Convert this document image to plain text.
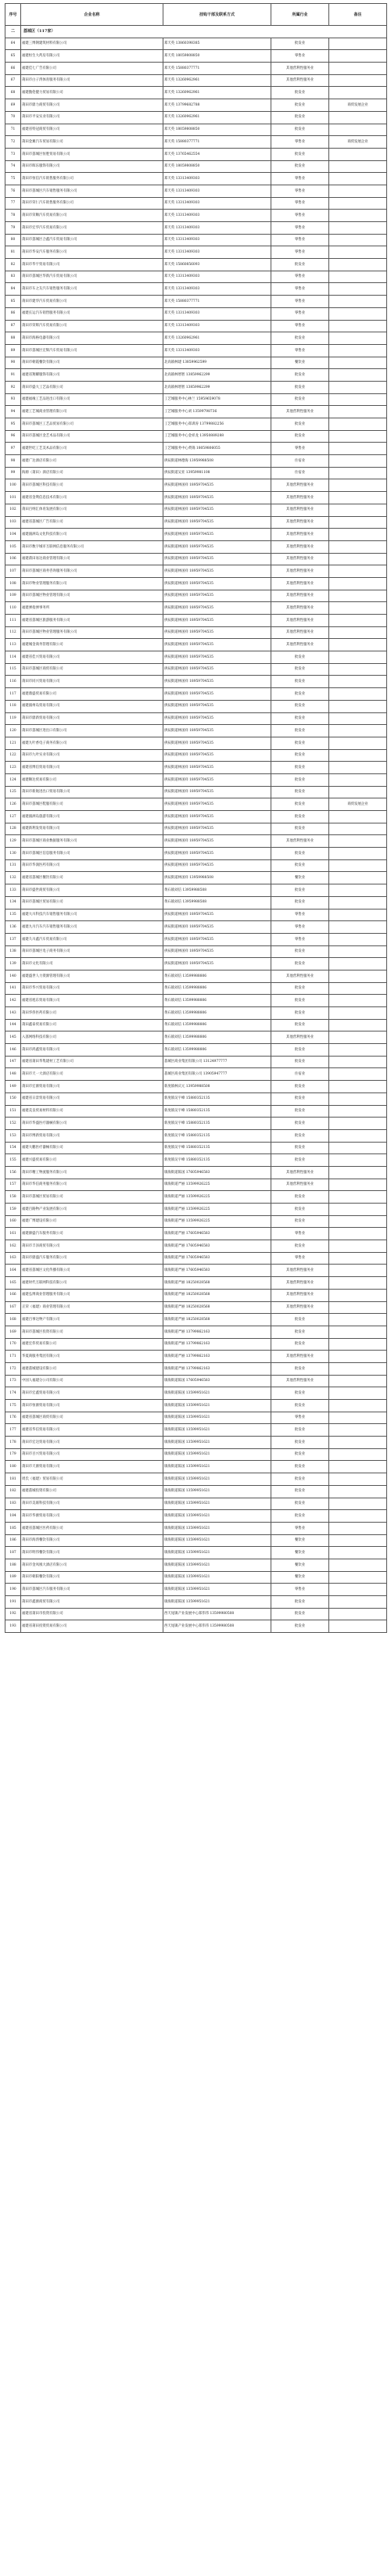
序号	企业名称	挂钩干部及联系方式	所属行业	备注
二	荔城区（117家）			
64	福建三博钢建筑材料有限公司	郑天英 13860398385	批发业	
65	福建恒生大药房有限公司	郑天英 18059808850	零售业	
66	福建佳七广告有限公司	郑天英 15880377771	其他营利性服务业	
67	莆田市白子湾体育服务有限公司	郑天英 13260962961	其他营利性服务业	
68	福建傲伦健力贸易有限公司	郑天英 13260962961	批发业	
69	莆田市鼎力商贸有限公司	郑天英 13799682788	批发业	商贸发展企业
70	莆田市平安实业有限公司	郑天英 13260962961	批发业	
71	福建省特冠商贸有限公司	郑天英 18059808850	批发业	
72	莆田金翼汽车贸易有限公司	郑天英 15880377771	零售业	商贸发展企业
73	莆田市荔城区恒胜贸易有限公司	郑天英 13765462554	批发业	
74	莆田市晖乐服饰有限公司	郑天英 18059808850	批发业	
75	莆田市恒信汽车销售服务有限公司	郑天英 13313409303	零售业	
76	莆田市荔城区汽车销售服务有限公司	郑天英 13313409303	零售业	
77	莆田市荣仁汽车销售服务有限公司	郑天英 13313409303	零售业	
78	莆田市荣顺汽车贸易有限公司	郑天英 13313409303	零售业	
79	莆田市宏华汽车贸易有限公司	郑天英 13313409303	零售业	
80	莆田市荔城区合鑫汽车贸易有限公司	郑天英 13313409303	零售业	
81	莆田市华安汽车服务有限公司	郑天英 13313409303	零售业	
82	莆田市华宇贸易有限公司	郑天英 15860856093	批发业	
83	莆田市荔城区华新汽车贸易有限公司	郑天英 13313409303	零售业	
84	莆田市车之友汽车销售服务有限公司	郑天英 13313409303	零售业	
85	莆田市建华汽车贸易有限公司	郑天英 15880377771	零售业	
86	福建长运汽车销售服务有限公司	郑天英 13313409303	零售业	
87	莆田市荣辉汽车贸易有限公司	郑天英 13313409303	零售业	
88	莆田市海格电器有限公司	郑天英 13260962961	批发业	
89	莆田市荔城区宏辉汽车贸易有限公司	郑天英 13313409303	零售业	
90	莆田市朝霞餐饮有限公司	北高镇林建 13859962599	餐饮业	
91	福建省翔耀服饰有限公司	北高镇林增智 13859962299	批发业	
92	莆田市盛大工艺品有限公司	北高镇林增智 13859962299	批发业	
93	福建福缘工艺品进出口有限公司	工艺城服务中心林兰 15959659078	批发业	
94	福建工艺城商业管理有限公司	工艺城服务中心刘 13599798736	其他营利性服务业	
95	莆田市荔城区工艺品贸易有限公司	工艺城服务中心郑训涛 13799882256	批发业	
96	莆田市荔城区金艺术品有限公司	工艺城服务中心金祥龙 13950889288	批发业	
97	福建世纪工艺美术品有限公司	工艺城服务中心黄锦 18059806055	零售业	
98	福建广达酒店有限公司	拱辰街道林德海 13959988508	住宿业	
99	海源（莆田）酒店有限公司	拱辰街道吴亚 13959981108	住宿业	
100	莆田市荔城区科技有限公司	拱辰街道林国祥 18959704535	其他营利性服务业	
101	福建省金利信息技术有限公司	拱辰街道林国祥 18959704535	其他营利性服务业	
102	莆田百纳汇体育发展有限公司	拱辰街道林国祥 18959704535	其他营利性服务业	
103	福建省荔城区广告有限公司	拱辰街道林国祥 18959704535	其他营利性服务业	
104	福建湄洲岛文化科技有限公司	拱辰街道林国祥 18959704535	其他营利性服务业	
105	莆田市数字城市互联网信息服务有限公司	拱辰街道林国祥 18959704535	其他营利性服务业	
106	福建莆田易达商业管理有限公司	拱辰街道林国祥 18959704535	其他营利性服务业	
107	莆田市荔城区商务咨询服务有限公司	拱辰街道林国祥 18959704535	其他营利性服务业	
108	莆田市物业管理服务有限公司	拱辰街道林国祥 18959704535	其他营利性服务业	
109	莆田市荔城区物业管理有限公司	拱辰街道林国祥 18959704535	其他营利性服务业	
110	福建弹指弹事务所	拱辰街道林国祥 18959704535	其他营利性服务业	
111	福建省荔城区旅游服务有限公司	拱辰街道林国祥 18959704535	其他营利性服务业	
112	莆田市荔城区物业管理服务有限公司	拱辰街道林国祥 18959704535	其他营利性服务业	
113	福建城金商务管理有限公司	拱辰街道林国祥 18959704535	其他营利性服务业	
114	福建省佳兴贸易有限公司	拱辰街道林国祥 18959704535	批发业	
115	莆田市荔城区商贸有限公司	拱辰街道林国祥 18959704535	批发业	
116	莆田市同兴贸易有限公司	拱辰街道林国祥 18959704535	批发业	
117	福建鼎盛贸易有限公司	拱辰街道林国祥 18959704535	批发业	
118	福建湄州岛贸易有限公司	拱辰街道林国祥 18959704535	批发业	
119	莆田市鼎新贸易有限公司	拱辰街道林国祥 18959704535	批发业	
120	莆田市荔城区进出口有限公司	拱辰街道林国祥 18959704535	批发业	
121	福建九叶香电子商务有限公司	拱辰街道林国祥 18959704535	批发业	
122	莆田市九叶实业有限公司	拱辰街道林国祥 18959704535	批发业	
123	福建省博信贸易有限公司	拱辰街道林国祥 18959704535	批发业	
124	福建顺达贸易有限公司	拱辰街道林国祥 18959704535	批发业	
125	莆田市新航进出口贸易有限公司	拱辰街道林国祥 18959704535	批发业	
126	莆田市荔城区鞋服有限公司	拱辰街道林国祥 18959704535	批发业	商贸发展企业
127	福建湄洲岛旅游有限公司	拱辰街道林国祥 18959704535	批发业	
128	福建新利发贸易有限公司	拱辰街道林国祥 18959704535	批发业	
129	莆田市荔城区商业数据服务有限公司	拱辰街道林国祥 18959704535	其他营利性服务业	
130	莆田市荔城区信息服务有限公司	拱辰街道林国祥 18959704535	批发业	
131	莆田市华润医药有限公司	拱辰街道林国祥 18959704535	批发业	
132	福建省荔城区餐饮有限公司	拱辰街道林国祥 13959988508	餐饮业	
133	莆田市盛世商贸有限公司	黄石镇刘信 13959988508	批发业	
134	莆田市荔城区贸易有限公司	黄石镇刘信 13959988508	批发业	
135	福建大川科技汽车销售服务有限公司	拱辰街道林国祥 18959704535	零售业	
136	福建九川汽车汽车销售服务有限公司	拱辰街道林国祥 18959704535	零售业	
137	福建久川鑫汽车贸易有限公司	拱辰街道林国祥 18959704535	零售业	
138	莆田市荔城区电子商务有限公司	拱辰街道林国祥 18959704535	批发业	
139	莆田市文化有限公司	拱辰街道林国祥 18959704535	批发业	
140	福建盛世人力资源管理有限公司	黄石镇刘信 13599988806	其他营利性服务业	
141	莆田市华兴贸易有限公司	黄石镇刘信 13599988806	批发业	
142	福建省旭东贸易有限公司	黄石镇刘信 13599988806	批发业	
143	莆田华侨医药有限公司	黄石镇刘信 13599988806	批发业	
144	莆田鑫泰贸易有限公司	黄石镇刘信 13599988806	批发业	
145	入荔网络科技有限公司	黄石镇刘信 13599988806	其他营利性服务业	
146	莆田市鸿鑫贸易有限公司	黄石镇刘信 13599988806	批发业	
147	福建省莆田华集建材工艺有限公司	荔城区商业集团有限公司 13124977777	批发业	
148	莆田市天一大酒店有限公司	荔城区商业集团有限公司 13905947777	住宿业	
149	莆田市宏源贸易有限公司	新度镇林庆元 13959988508	批发业	
150	福建省日景贸易有限公司	新度镇吴宇峰 15880352135	批发业	
151	福建美良贸易材料有限公司	新度镇吴宇峰 15880352135	批发业	
152	莆田市华盛医疗器械有限公司	新度镇吴宇峰 15880352135	批发业	
153	莆田市博新贸易有限公司	新度镇吴宇峰 15880352135	批发业	
154	福建大鹏医疗器械有限公司	新度镇吴宇峰 15880352135	批发业	
155	福建兴盛贸易有限公司	新度镇吴宇峰 15880352135	批发业	
156	莆田市精工物流服务有限公司	镇海街道陈国 17605946583	其他营利性服务业	
157	莆田市华信商务服务有限公司	镇海街道严丽 13599926225	其他营利性服务业	
158	莆田市荔城区贸易有限公司	镇海街道严丽 13599926225	批发业	
159	福建百路物产业发展有限公司	镇海街道严丽 13599926225	批发业	
160	福建广博建设有限公司	镇海街道严丽 13599926225	批发业	
161	福建源盛汽车服务有限公司	镇海街道严丽 17605946583	零售业	
162	莆田市丰泽商贸有限公司	镇海街道严丽 17605946583	批发业	
163	莆田市鼎盛汽车服务有限公司	镇海街道严丽 17605946583	零售业	
164	福建省荔城区文化传播有限公司	镇海街道严丽 17605946583	其他营利性服务业	
165	福建时代互联网科技有限公司	镇海街道严丽 18250028568	其他营利性服务业	
166	福建弘博商业管理服务有限公司	镇海街道严丽 18250028568	其他营利性服务业	
167	正荣（福建）商业管理有限公司	镇海街道严丽 18250028568	其他营利性服务业	
168	福建百事达物产有限公司	镇海街道严丽 18250028568	批发业	
169	莆田市荔城区投资有限公司	镇海街道严丽 13799862163	批发业	
170	福建宏伟贸易有限公司	镇海街道严丽 13799862163	批发业	
171	华夏商服务集团有限公司	镇海街道严丽 13799862163	其他营利性服务业	
172	福建荔城建设有限公司	镇海街道严丽 13799862163	批发业	
173	中国人福建分公司有限公司	镇海街道陈国 17605946583	其他营利性服务业	
174	莆田市宏鑫贸易有限公司	镇海街道陈国 13599951621	批发业	
175	莆田市恒源贸易有限公司	镇海街道陈国 13599951621	批发业	
176	福建省荔城区商贸有限公司	镇海街道陈国 13599951621	零售业	
177	福建省华信贸易有限公司	镇海街道陈国 13599951621	批发业	
178	莆田市宏达贸易有限公司	镇海街道陈国 13599951621	批发业	
179	莆田市百兴贸易有限公司	镇海街道陈国 13599951621	批发业	
180	莆田市天源贸易有限公司	镇海街道陈国 13599951621	批发业	
181	周氏（福建）贸易有限公司	镇海街道陈国 13599951621	批发业	
182	福建荔城投资有限公司	镇海街道陈国 13599951621	批发业	
183	莆田市美联科技有限公司	镇海街道陈国 13599951621	批发业	
184	莆田市华源贸易有限公司	镇海街道陈国 13599951621	批发业	
185	福建省荔城区医药有限公司	镇海街道陈国 13599951621	零售业	
186	莆田市海湾餐饮有限公司	镇海街道陈国 13599951621	餐饮业	
187	莆田市明伟餐饮有限公司	镇海街道陈国 13599951621	餐饮业	
188	莆田市金凤凰大酒店有限公司	镇海街道陈国 13599951621	餐饮业	
189	莆田市朝阳餐饮有限公司	镇海街道陈国 13599951621	餐饮业	
190	莆田市荔城区汽车服务有限公司	镇海街道陈国 13599951621	零售业	
191	莆田市鑫源商贸有限公司	镇海街道陈国 13599951621	批发业	
192	福建省莆田市投资有限公司	西天尾镇产业发展中心郑伟伟 13599980508	批发业	
193	福建省莆田投资贸易有限公司	西天尾镇产业发展中心郑伟伟 13599980508	批发业	
